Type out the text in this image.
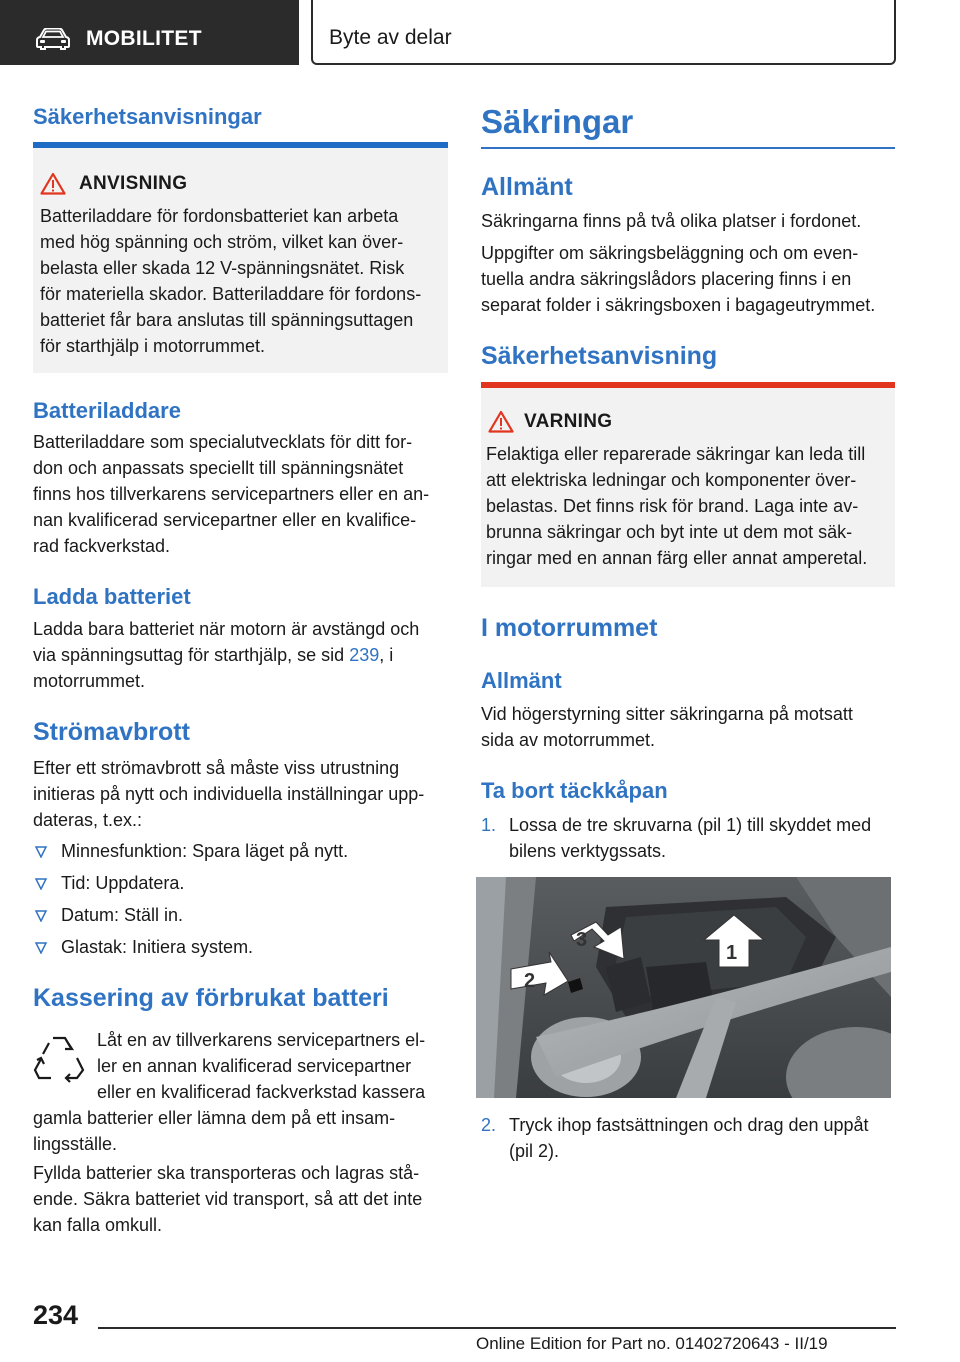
MOBILITET	Byte av delar
Säkerhetsanvisningar
ANVISNING
Batteriladdare för fordonsbatteriet kan arbeta
med hög spänning och ström, vilket kan över-
belasta eller skada 12 V-spänningsnätet. Risk
för materiella skador. Batteriladdare för fordons-
batteriet får bara anslutas till spänningsuttagen
för starthjälp i motorrummet.
Batteriladdare
Batteriladdare som specialutvecklats för ditt for-
don och anpassats speciellt till spänningsnätet
finns hos tillverkarens servicepartners eller en an-
nan kvalificerad servicepartner eller en kvalifice-
rad fackverkstad.
Ladda batteriet
Ladda bara batteriet när motorn är avstängd och
via spänningsuttag för starthjälp, se sid 239, i
motorrummet.
Strömavbrott
Efter ett strömavbrott så måste viss utrustning
initieras på nytt och individuella inställningar upp-
dateras, t.ex.:
Minnesfunktion: Spara läget på nytt.
Tid: Uppdatera.
Datum: Ställ in.
Glastak: Initiera system.
Kassering av förbrukat batteri
Låt en av tillverkarens servicepartners el-
ler en annan kvalificerad servicepartner
eller en kvalificerad fackverkstad kassera
gamla batterier eller lämna dem på ett insam-
lingsställe.
Fyllda batterier ska transporteras och lagras stå-
ende. Säkra batteriet vid transport, så att det inte
kan falla omkull.
Säkringar
Allmänt
Säkringarna finns på två olika platser i fordonet.
Uppgifter om säkringsbeläggning och om even-
tuella andra säkringslådors placering finns i en
separat folder i säkringsboxen i bagageutrymmet.
Säkerhetsanvisning
VARNING
Felaktiga eller reparerade säkringar kan leda till
att elektriska ledningar och komponenter över-
belastas. Det finns risk för brand. Laga inte av-
brunna säkringar och byt inte ut dem mot säk-
ringar med en annan färg eller annat amperetal.
I motorrummet
Allmänt
Vid högerstyrning sitter säkringarna på motsatt
sida av motorrummet.
Ta bort täckkåpan
1. Lossa de tre skruvarna (pil 1) till skyddet med
bilens verktygssats.
3
2
1
2. Tryck ihop fastsättningen och drag den uppåt
(pil 2).
234
Online Edition for Part no. 01402720643 - II/19
